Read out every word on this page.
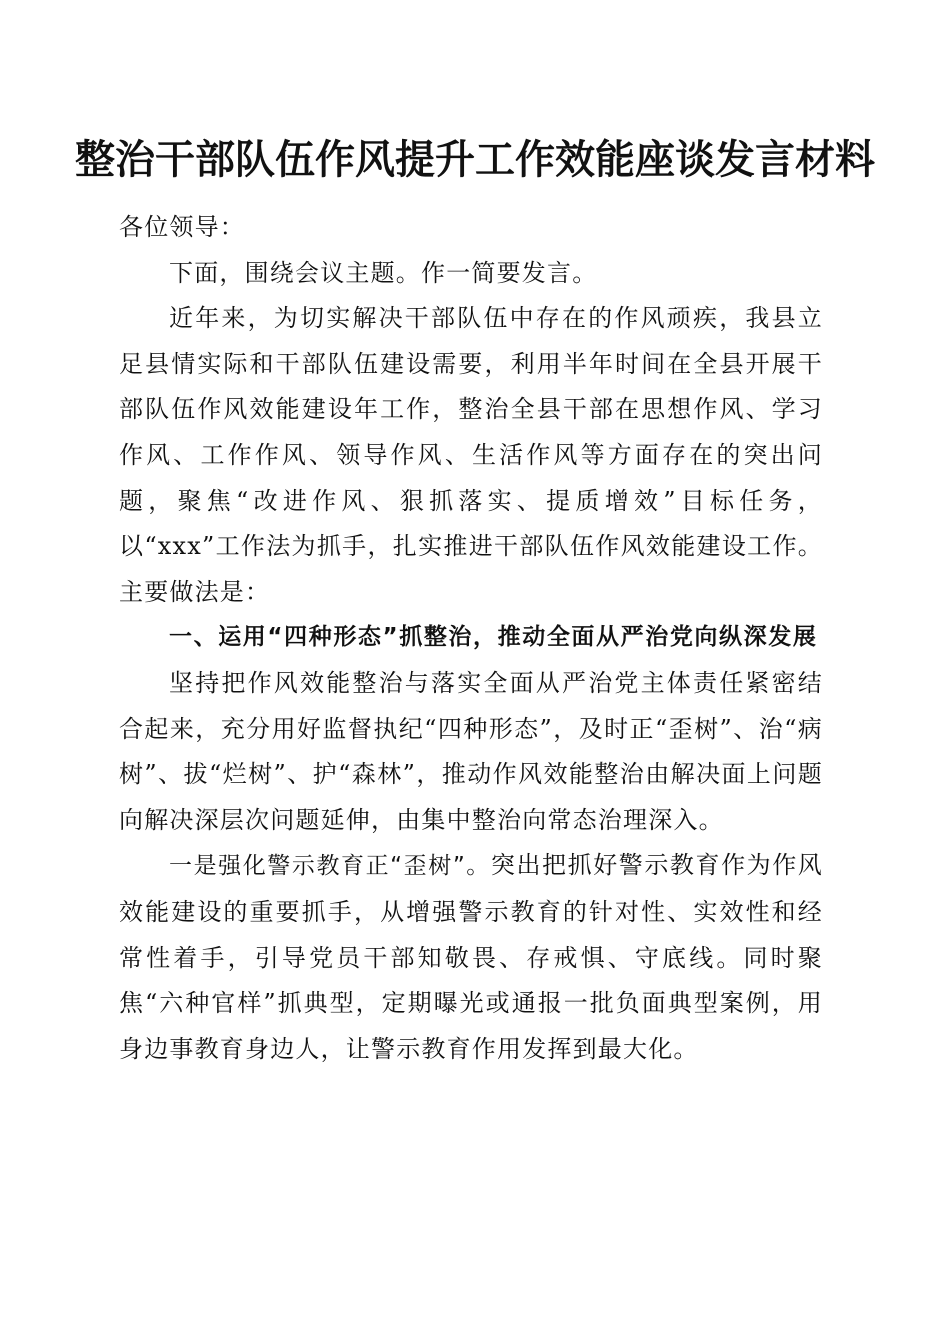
整治干部队伍作风提升工作效能座谈发言材料

各位领导：

下面，围绕会议主题。作一简要发言。

近年来，为切实解决干部队伍中存在的作风顽疾，我县立足县情实际和干部队伍建设需要，利用半年时间在全县开展干部队伍作风效能建设年工作，整治全县干部在思想作风、学习作风、工作作风、领导作风、生活作风等方面存在的突出问题，聚焦“改进作风、狠抓落实、提质增效”目标任务，以“xxx”工作法为抓手，扎实推进干部队伍作风效能建设工作。主要做法是：

一、运用“四种形态”抓整治，推动全面从严治党向纵深发展

坚持把作风效能整治与落实全面从严治党主体责任紧密结合起来，充分用好监督执纪“四种形态”，及时正“歪树”、治“病树”、拔“烂树”、护“森林”，推动作风效能整治由解决面上问题向解决深层次问题延伸，由集中整治向常态治理深入。

一是强化警示教育正“歪树”。突出把抓好警示教育作为作风效能建设的重要抓手，从增强警示教育的针对性、实效性和经常性着手，引导党员干部知敬畏、存戒惧、守底线。同时聚焦“六种官样”抓典型，定期曝光或通报一批负面典型案例，用身边事教育身边人，让警示教育作用发挥到最大化。
